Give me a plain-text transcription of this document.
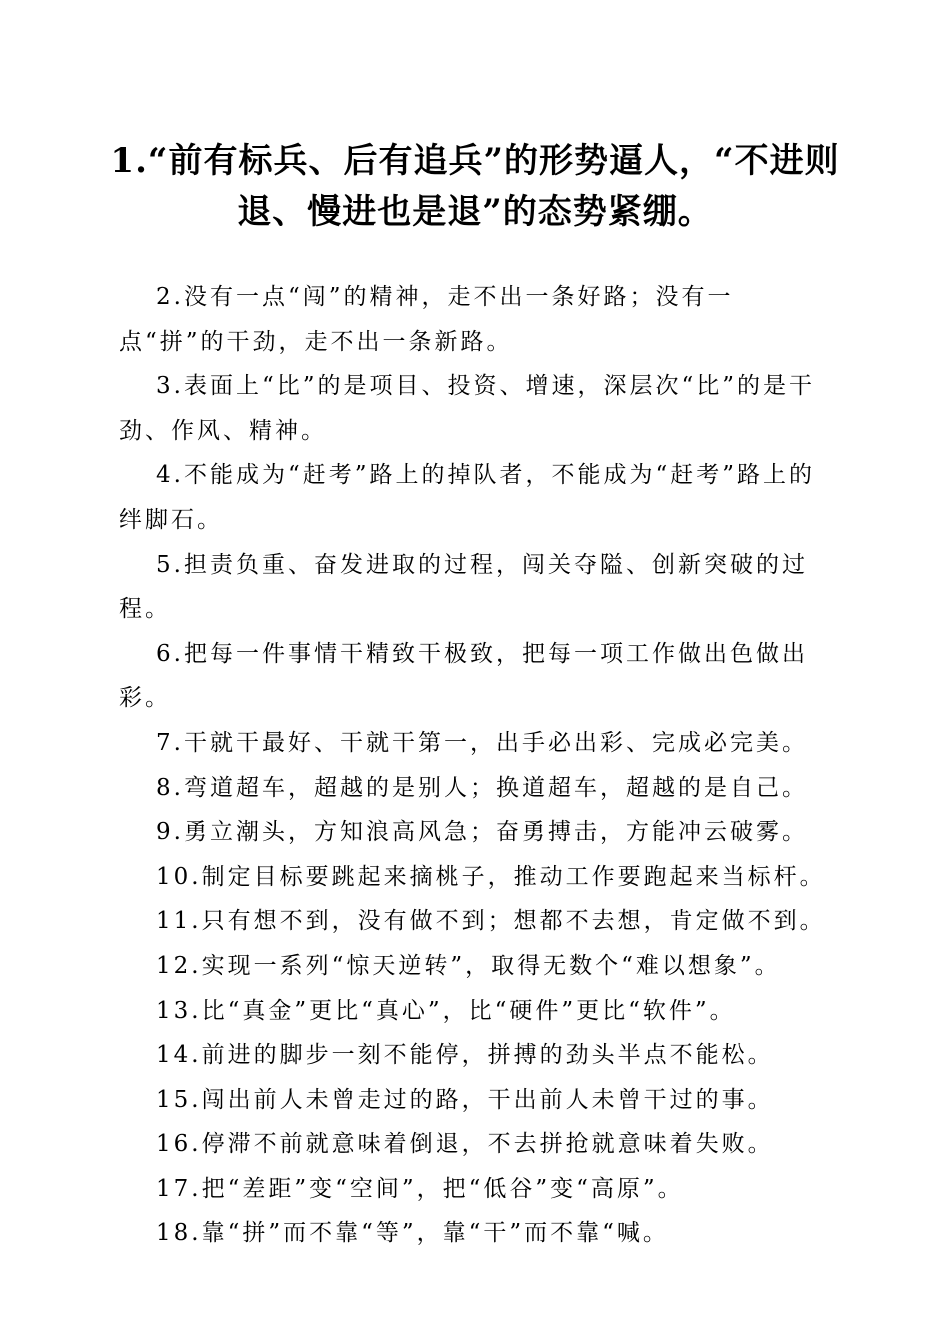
1.“前有标兵、后有追兵”的形势逼人，“不进则退、慢进也是退”的态势紧绷。
2.没有一点“闯”的精神，走不出一条好路；没有一点“拼”的干劲，走不出一条新路。
3.表面上“比”的是项目、投资、增速，深层次“比”的是干劲、作风、精神。
4.不能成为“赶考”路上的掉队者，不能成为“赶考”路上的绊脚石。
5.担责负重、奋发进取的过程，闯关夺隘、创新突破的过程。
6.把每一件事情干精致干极致，把每一项工作做出色做出彩。
7.干就干最好、干就干第一，出手必出彩、完成必完美。
8.弯道超车，超越的是别人；换道超车，超越的是自己。
9.勇立潮头，方知浪高风急；奋勇搏击，方能冲云破雾。
10.制定目标要跳起来摘桃子，推动工作要跑起来当标杆。
11.只有想不到，没有做不到；想都不去想，肯定做不到。
12.实现一系列“惊天逆转”，取得无数个“难以想象”。
13.比“真金”更比“真心”，比“硬件”更比“软件”。
14.前进的脚步一刻不能停，拼搏的劲头半点不能松。
15.闯出前人未曾走过的路，干出前人未曾干过的事。
16.停滞不前就意味着倒退，不去拼抢就意味着失败。
17.把“差距”变“空间”，把“低谷”变“高原”。
18.靠“拼”而不靠“等”，靠“干”而不靠“喊。
